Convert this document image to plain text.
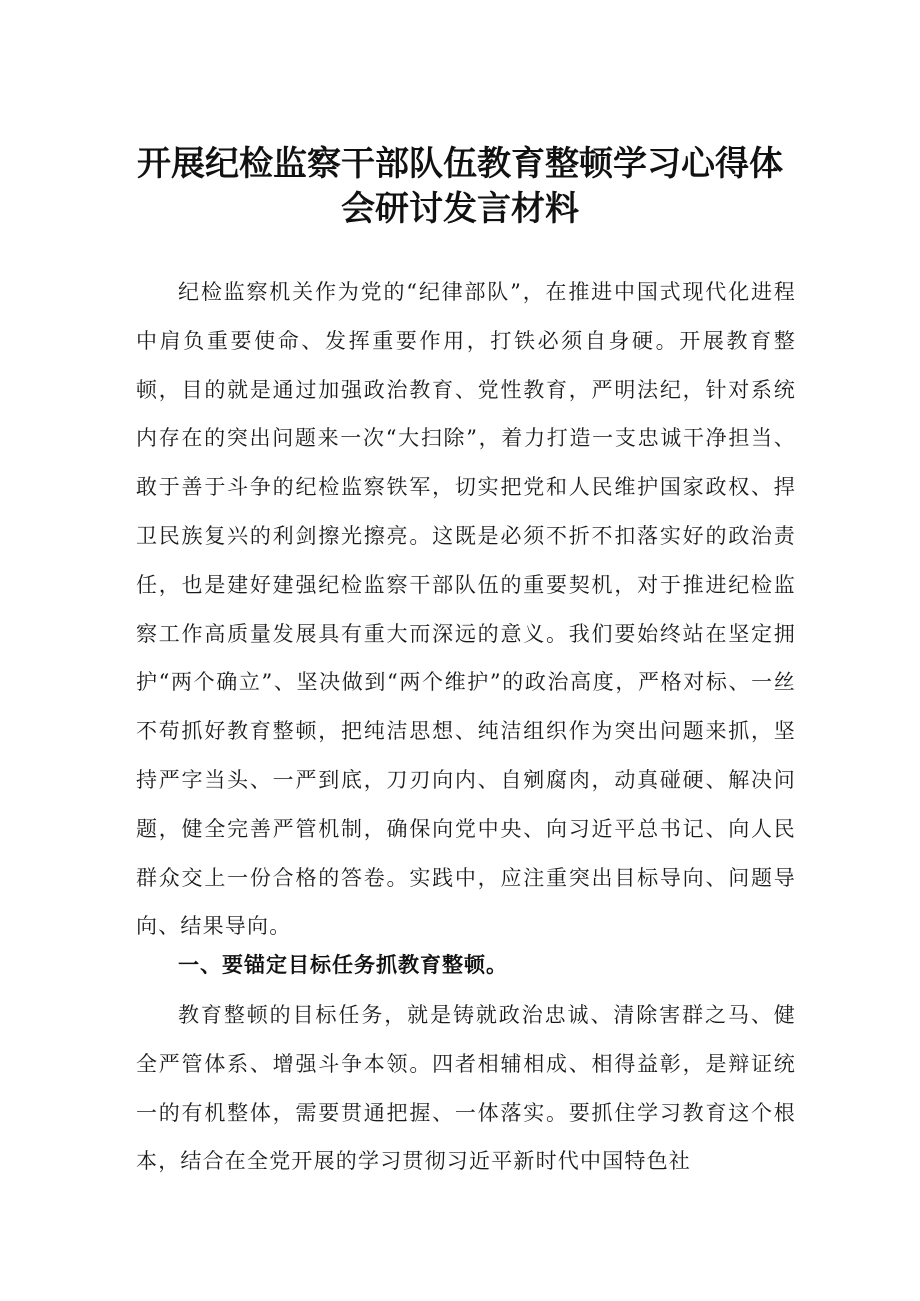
开展纪检监察干部队伍教育整顿学习心得体
会研讨发言材料

纪检监察机关作为党的“纪律部队”，在推进中国式现代化进程中肩负重要使命、发挥重要作用，打铁必须自身硬。开展教育整顿，目的就是通过加强政治教育、党性教育，严明法纪，针对系统内存在的突出问题来一次“大扫除”，着力打造一支忠诚干净担当、敢于善于斗争的纪检监察铁军，切实把党和人民维护国家政权、捍卫民族复兴的利剑擦光擦亮。这既是必须不折不扣落实好的政治责任，也是建好建强纪检监察干部队伍的重要契机，对于推进纪检监察工作高质量发展具有重大而深远的意义。我们要始终站在坚定拥护“两个确立”、坚决做到“两个维护”的政治高度，严格对标、一丝不苟抓好教育整顿，把纯洁思想、纯洁组织作为突出问题来抓，坚持严字当头、一严到底，刀刃向内、自剜腐肉，动真碰硬、解决问题，健全完善严管机制，确保向党中央、向习近平总书记、向人民群众交上一份合格的答卷。实践中，应注重突出目标导向、问题导向、结果导向。

一、要锚定目标任务抓教育整顿。

教育整顿的目标任务，就是铸就政治忠诚、清除害群之马、健全严管体系、增强斗争本领。四者相辅相成、相得益彰，是辩证统一的有机整体，需要贯通把握、一体落实。要抓住学习教育这个根本，结合在全党开展的学习贯彻习近平新时代中国特色社
